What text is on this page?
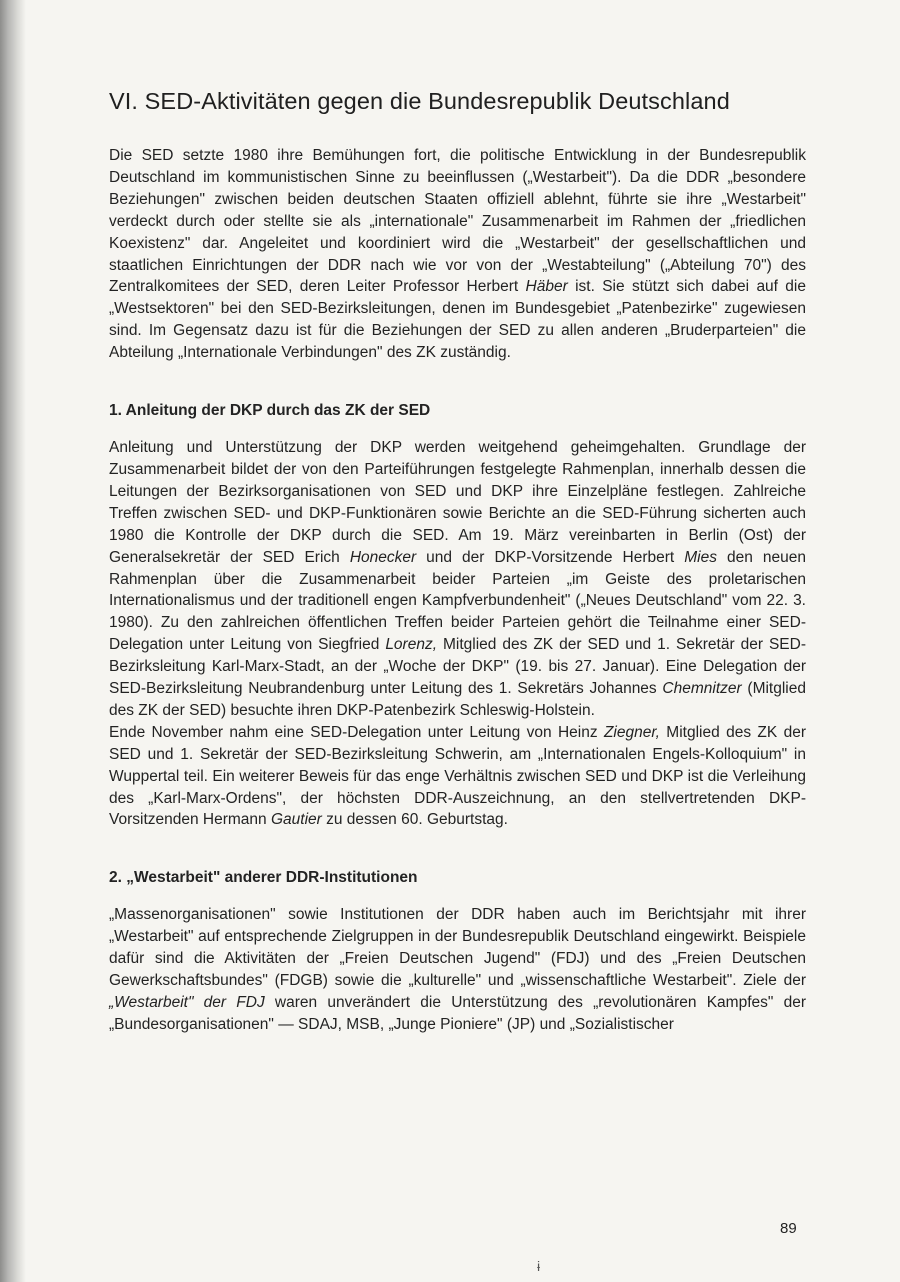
VI. SED-Aktivitäten gegen die Bundesrepublik Deutschland

Die SED setzte 1980 ihre Bemühungen fort, die politische Entwicklung in der Bundesrepublik Deutschland im kommunistischen Sinne zu beeinflussen („Westarbeit"). Da die DDR „besondere Beziehungen" zwischen beiden deutschen Staaten offiziell ablehnt, führte sie ihre „Westarbeit" verdeckt durch oder stellte sie als „internationale" Zusammenarbeit im Rahmen der „friedlichen Koexistenz" dar. Angeleitet und koordiniert wird die „Westarbeit" der gesellschaftlichen und staatlichen Einrichtungen der DDR nach wie vor von der „Westabteilung" („Abteilung 70") des Zentralkomitees der SED, deren Leiter Professor Herbert Häber ist. Sie stützt sich dabei auf die „Westsektoren" bei den SED-Bezirksleitungen, denen im Bundesgebiet „Patenbezirke" zugewiesen sind. Im Gegensatz dazu ist für die Beziehungen der SED zu allen anderen „Bruderparteien" die Abteilung „Internationale Verbindungen" des ZK zuständig.

1. Anleitung der DKP durch das ZK der SED

Anleitung und Unterstützung der DKP werden weitgehend geheimgehalten. Grundlage der Zusammenarbeit bildet der von den Parteiführungen festgelegte Rahmenplan, innerhalb dessen die Leitungen der Bezirksorganisationen von SED und DKP ihre Einzelpläne festlegen. Zahlreiche Treffen zwischen SED- und DKP-Funktionären sowie Berichte an die SED-Führung sicherten auch 1980 die Kontrolle der DKP durch die SED. Am 19. März vereinbarten in Berlin (Ost) der Generalsekretär der SED Erich Honecker und der DKP-Vorsitzende Herbert Mies den neuen Rahmenplan über die Zusammenarbeit beider Parteien „im Geiste des proletarischen Internationalismus und der traditionell engen Kampfverbundenheit" („Neues Deutschland" vom 22. 3. 1980). Zu den zahlreichen öffentlichen Treffen beider Parteien gehört die Teilnahme einer SED-Delegation unter Leitung von Siegfried Lorenz, Mitglied des ZK der SED und 1. Sekretär der SED-Bezirksleitung Karl-Marx-Stadt, an der „Woche der DKP" (19. bis 27. Januar). Eine Delegation der SED-Bezirksleitung Neubrandenburg unter Leitung des 1. Sekretärs Johannes Chemnitzer (Mitglied des ZK der SED) besuchte ihren DKP-Patenbezirk Schleswig-Holstein.

Ende November nahm eine SED-Delegation unter Leitung von Heinz Ziegner, Mitglied des ZK der SED und 1. Sekretär der SED-Bezirksleitung Schwerin, am „Internationalen Engels-Kolloquium" in Wuppertal teil. Ein weiterer Beweis für das enge Verhältnis zwischen SED und DKP ist die Verleihung des „Karl-Marx-Ordens", der höchsten DDR-Auszeichnung, an den stellvertretenden DKP-Vorsitzenden Hermann Gautier zu dessen 60. Geburtstag.

2. „Westarbeit" anderer DDR-Institutionen

„Massenorganisationen" sowie Institutionen der DDR haben auch im Berichtsjahr mit ihrer „Westarbeit" auf entsprechende Zielgruppen in der Bundesrepublik Deutschland eingewirkt. Beispiele dafür sind die Aktivitäten der „Freien Deutschen Jugend" (FDJ) und des „Freien Deutschen Gewerkschaftsbundes" (FDGB) sowie die „kulturelle" und „wissenschaftliche Westarbeit". Ziele der „Westarbeit" der FDJ waren unverändert die Unterstützung des „revolutionären Kampfes" der „Bundesorganisationen" — SDAJ, MSB, „Junge Pioniere" (JP) und „Sozialistischer

89
ɨ
